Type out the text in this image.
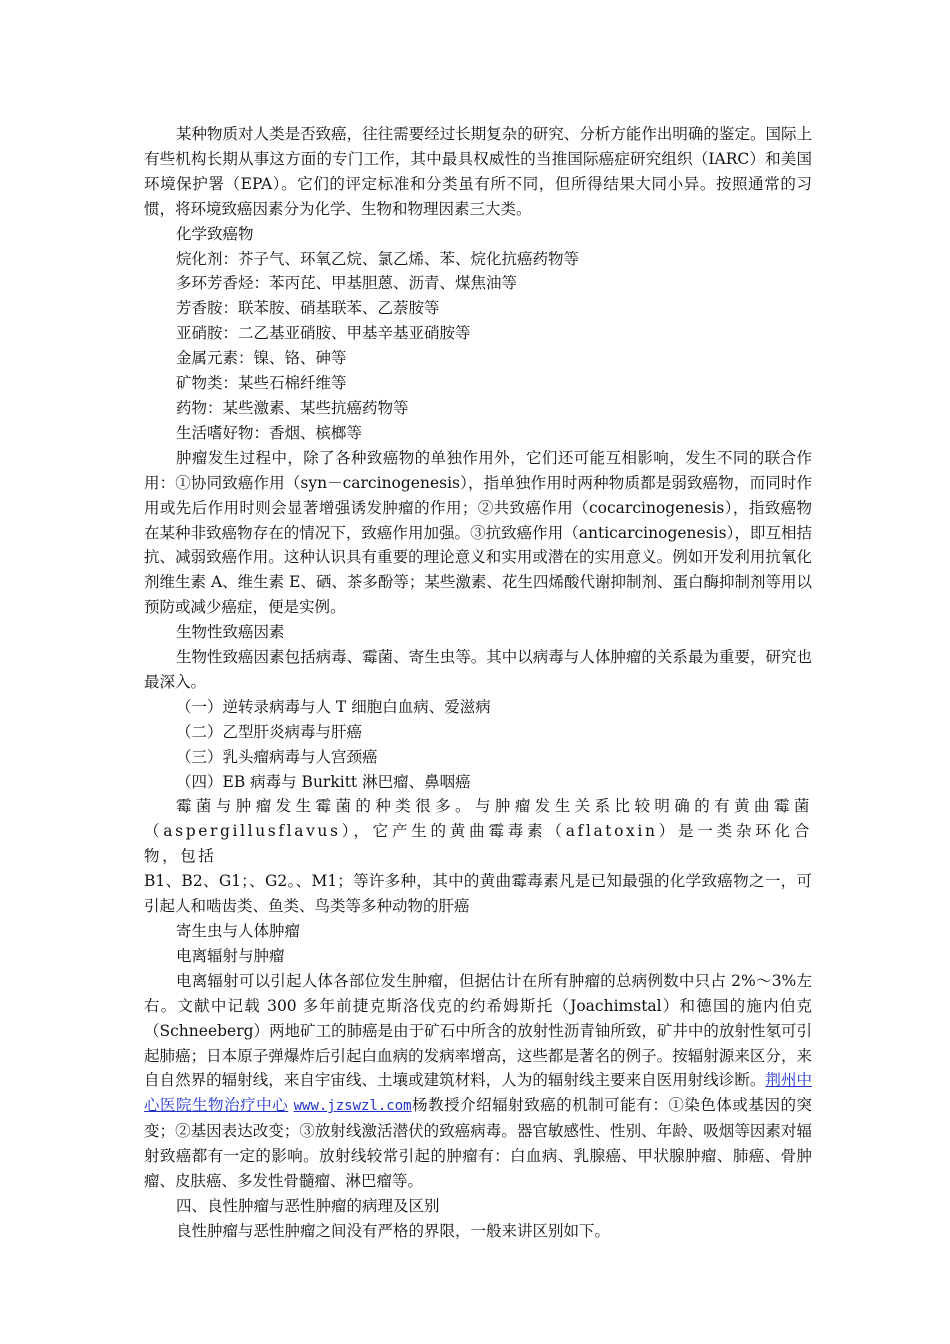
某种物质对人类是否致癌，往往需要经过长期复杂的研究、分析方能作出明确的鉴定。国际上有些机构长期从事这方面的专门工作，其中最具权威性的当推国际癌症研究组织（IARC）和美国环境保护署（EPA）。它们的评定标准和分类虽有所不同，但所得结果大同小异。按照通常的习惯，将环境致癌因素分为化学、生物和物理因素三大类。

化学致癌物

烷化剂：芥子气、环氧乙烷、氯乙烯、苯、烷化抗癌药物等

多环芳香烃：苯丙芘、甲基胆蒽、沥青、煤焦油等

芳香胺：联苯胺、硝基联苯、乙萘胺等

亚硝胺：二乙基亚硝胺、甲基辛基亚硝胺等

金属元素：镍、铬、砷等

矿物类：某些石棉纤维等

药物：某些激素、某些抗癌药物等

生活嗜好物：香烟、槟榔等

肿瘤发生过程中，除了各种致癌物的单独作用外，它们还可能互相影响，发生不同的联合作用：①协同致癌作用（syn－carcinogenesis），指单独作用时两种物质都是弱致癌物，而同时作用或先后作用时则会显著增强诱发肿瘤的作用；②共致癌作用（cocarcinogenesis），指致癌物在某种非致癌物存在的情况下，致癌作用加强。③抗致癌作用（anticarcinogenesis），即互相拮抗、减弱致癌作用。这种认识具有重要的理论意义和实用或潜在的实用意义。例如开发利用抗氧化剂维生素 A、维生素 E、硒、茶多酚等；某些激素、花生四烯酸代谢抑制剂、蛋白酶抑制剂等用以预防或减少癌症，便是实例。

生物性致癌因素

生物性致癌因素包括病毒、霉菌、寄生虫等。其中以病毒与人体肿瘤的关系最为重要，研究也最深入。

（一）逆转录病毒与人 T 细胞白血病、爱滋病

（二）乙型肝炎病毒与肝癌

（三）乳头瘤病毒与人宫颈癌

（四）EB 病毒与 Burkitt 淋巴瘤、鼻咽癌

霉菌与肿瘤发生霉菌的种类很多。与肿瘤发生关系比较明确的有黄曲霉菌（aspergillusflavus），它产生的黄曲霉毒素（aflatoxin）是一类杂环化合物，包括

B1、B2、G1；、G2。、M1；等许多种，其中的黄曲霉毒素凡是已知最强的化学致癌物之一，可引起人和啮齿类、鱼类、鸟类等多种动物的肝癌

寄生虫与人体肿瘤

电离辐射与肿瘤

电离辐射可以引起人体各部位发生肿瘤，但据估计在所有肿瘤的总病例数中只占 2%～3%左右。文献中记载 300 多年前捷克斯洛伐克的约希姆斯托（Joachimstal）和德国的施内伯克（Schneeberg）两地矿工的肺癌是由于矿石中所含的放射性沥青铀所致，矿井中的放射性氡可引起肺癌；日本原子弹爆炸后引起白血病的发病率增高，这些都是著名的例子。按辐射源来区分，来自自然界的辐射线，来自宇宙线、土壤或建筑材料，人为的辐射线主要来自医用射线诊断。荆州中心医院生物治疗中心 www.jzswzl.com杨教授介绍辐射致癌的机制可能有：①染色体或基因的突变；②基因表达改变；③放射线激活潜伏的致癌病毒。器官敏感性、性别、年龄、吸烟等因素对辐射致癌都有一定的影响。放射线较常引起的肿瘤有：白血病、乳腺癌、甲状腺肿瘤、肺癌、骨肿瘤、皮肤癌、多发性骨髓瘤、淋巴瘤等。

四、良性肿瘤与恶性肿瘤的病理及区别

良性肿瘤与恶性肿瘤之间没有严格的界限，一般来讲区别如下。
